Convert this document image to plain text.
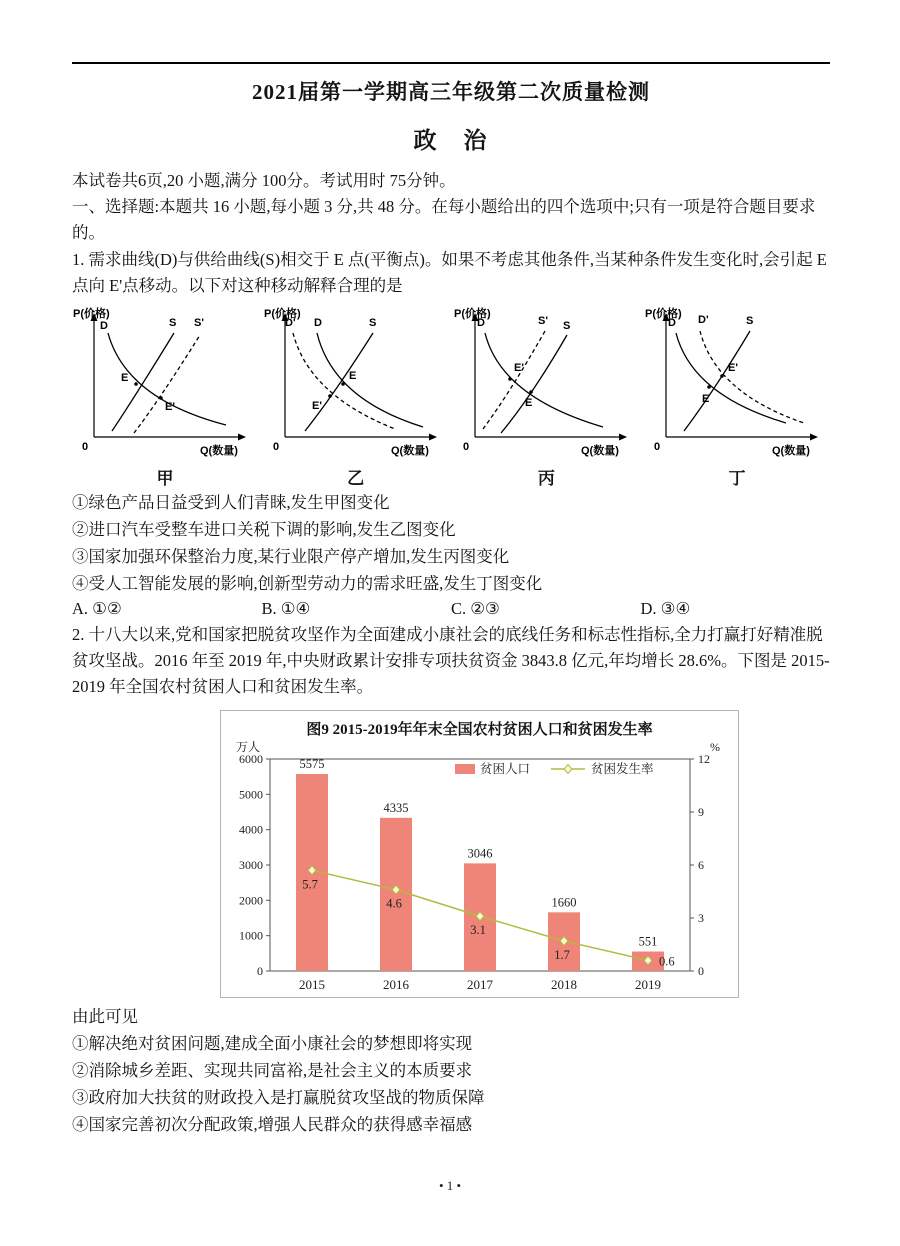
2021届第一学期高三年级第二次质量检测
政　治

本试卷共6页,20 小题,满分 100分。考试用时 75分钟。

一、选择题:本题共 16 小题,每小题 3 分,共 48 分。在每小题给出的四个选项中;只有一项是符合题目要求的。

1. 需求曲线(D)与供给曲线(S)相交于 E 点(平衡点)。如果不考虑其他条件,当某种条件发生变化时,会引起 E 点向 E'点移动。以下对这种移动解释合理的是

P(价格)
Q(数量)
0
D	S S'
E
E'
甲
P(价格)
Q(数量)
0
D' D	S
E
E'
乙
P(价格)
Q(数量)
0
D	S' S
E'
E
丙
P(价格)
Q(数量)
0
D D'	S
E'
E
丁

①绿色产品日益受到人们青睐,发生甲图变化

②进口汽车受整车进口关税下调的影响,发生乙图变化

③国家加强环保整治力度,某行业限产停产增加,发生丙图变化

④受人工智能发展的影响,创新型劳动力的需求旺盛,发生丁图变化

A. ①②	B. ①④	C. ②③	D. ③④

2. 十八大以来,党和国家把脱贫攻坚作为全面建成小康社会的底线任务和标志性指标,全力打赢打好精准脱贫攻坚战。2016 年至 2019 年,中央财政累计安排专项扶贫资金 3843.8 亿元,年均增长 28.6%。下图是 2015-2019 年全国农村贫困人口和贫困发生率。

图9 2015-2019年年末全国农村贫困人口和贫困发生率
万人	%
0
1000
2000
3000
4000
5000
6000
0
3
6
9
12
5575
4335
3046
1660
551
5.7
4.6
3.1
1.7	0.6
2015	2016	2017	2018	2019
贫困人口	贫困发生率

由此可见

①解决绝对贫困问题,建成全面小康社会的梦想即将实现

②消除城乡差距、实现共同富裕,是社会主义的本质要求

③政府加大扶贫的财政投入是打赢脱贫攻坚战的物质保障

④国家完善初次分配政策,增强人民群众的获得感幸福感

• 1 •
